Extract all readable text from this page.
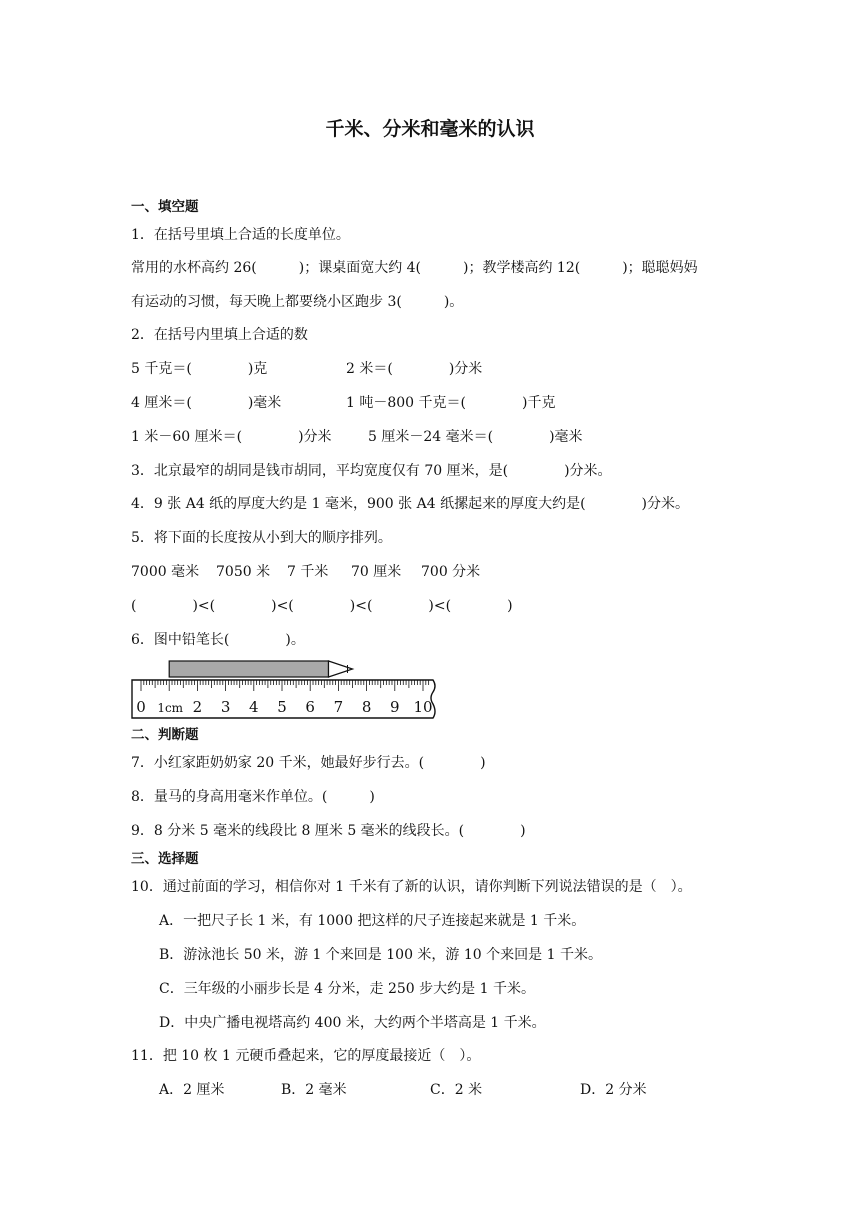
千米、分米和毫米的认识
一、填空题
1．在括号里填上合适的长度单位。
常用的水杯高约 26(　　　)；课桌面宽大约 4(　　　)；教学楼高约 12(　　　)；聪聪妈妈
有运动的习惯，每天晚上都要绕小区跑步 3(　　　)。
2．在括号内里填上合适的数
5 千克＝(　　　　)克	2 米＝(　　　　)分米
4 厘米＝(　　　　)毫米	1 吨－800 千克＝(　　　　)千克
1 米－60 厘米＝(　　　　)分米	5 厘米－24 毫米＝(　　　　)毫米
3．北京最窄的胡同是钱市胡同，平均宽度仅有 70 厘米，是(　　　　)分米。
4．9 张 A4 纸的厚度大约是 1 毫米，900 张 A4 纸摞起来的厚度大约是(　　　　)分米。
5．将下面的长度按从小到大的顺序排列。
7000 毫米 7050 米 7 千米 70 厘米 700 分米
(　　　　)<(　　　　)<(　　　　)<(　　　　)<(　　　　)
6．图中铅笔长(　　　　)。
0 1cm 2 3 4 5 6 7 8 9 10
二、判断题
7．小红家距奶奶家 20 千米，她最好步行去。(　　　　)
8．量马的身高用毫米作单位。(　　　)
9．8 分米 5 毫米的线段比 8 厘米 5 毫米的线段长。(　　　　)
三、选择题
10．通过前面的学习，相信你对 1 千米有了新的认识，请你判断下列说法错误的是（　）。
A．一把尺子长 1 米，有 1000 把这样的尺子连接起来就是 1 千米。
B．游泳池长 50 米，游 1 个来回是 100 米，游 10 个来回是 1 千米。
C．三年级的小丽步长是 4 分米，走 250 步大约是 1 千米。
D．中央广播电视塔高约 400 米，大约两个半塔高是 1 千米。
11．把 10 枚 1 元硬币叠起来，它的厚度最接近（　）。
A．2 厘米	B．2 毫米	C．2 米	D．2 分米
